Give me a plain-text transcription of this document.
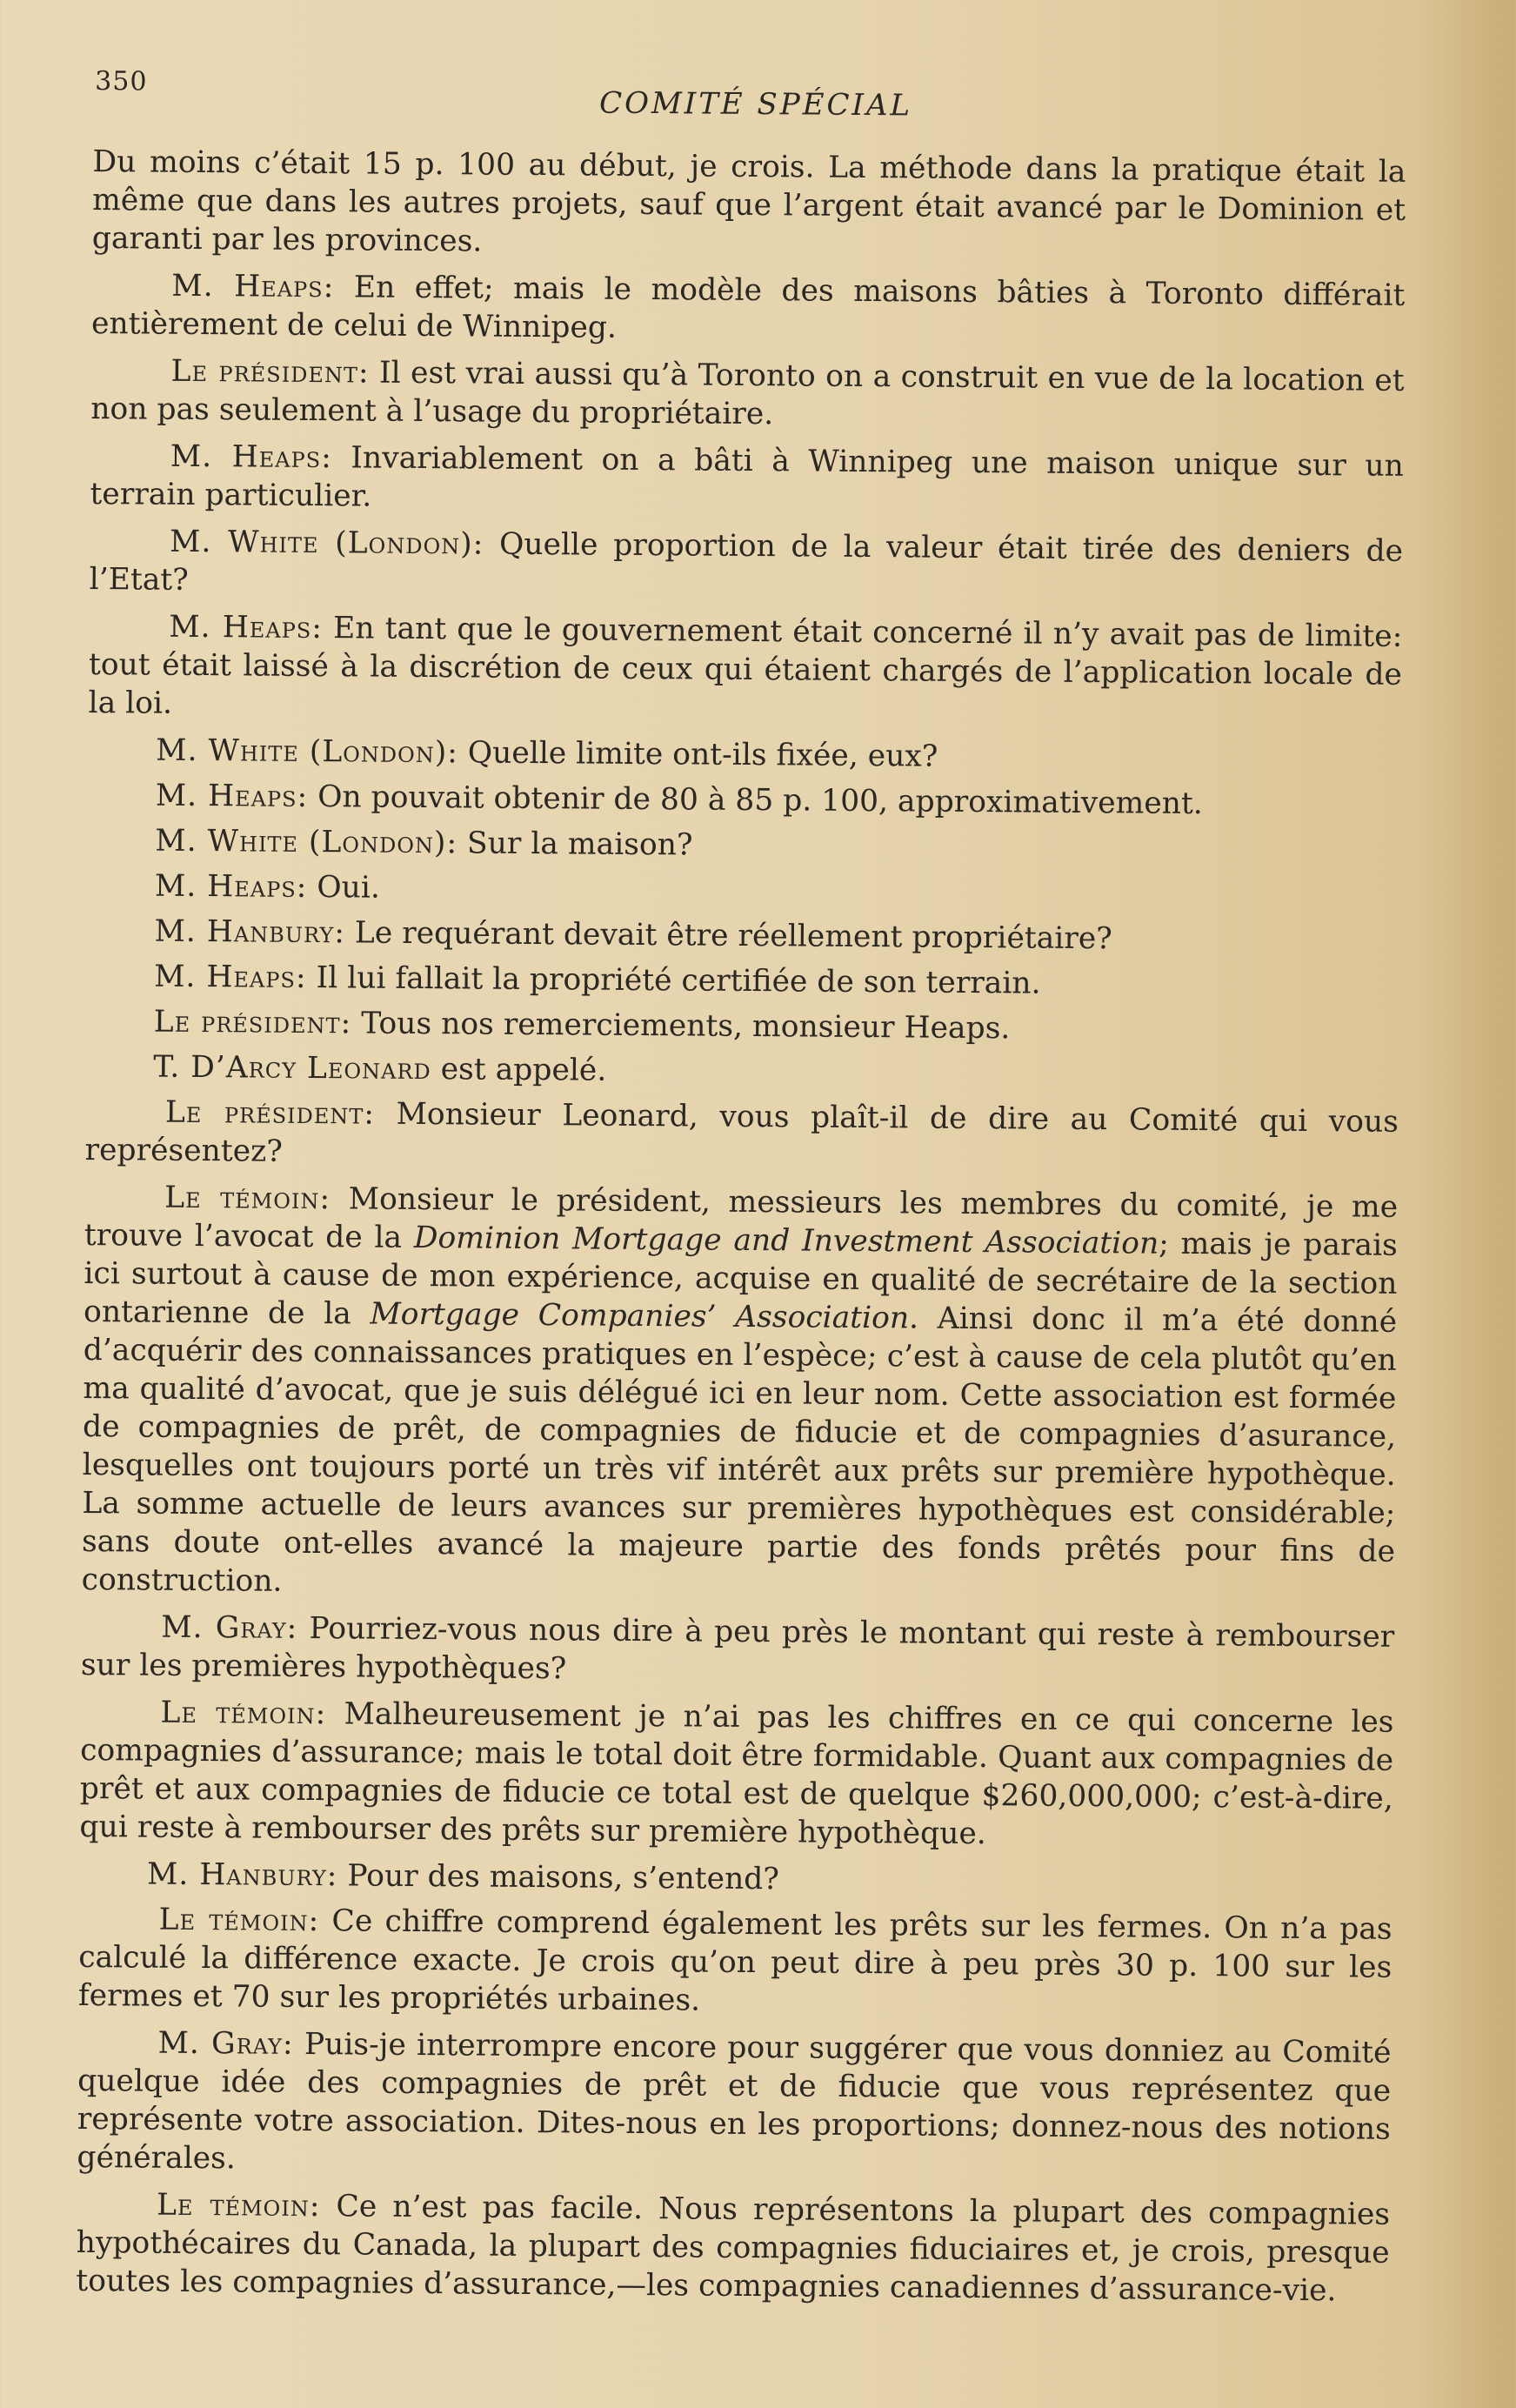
350
COMITÉ SPÉCIAL

Du moins c’était 15 p. 100 au début, je crois. La méthode dans la pratique était la même que dans les autres projets, sauf que l’argent était avancé par le Dominion et garanti par les provinces.

M. Heaps: En effet; mais le modèle des maisons bâties à Toronto différait entièrement de celui de Winnipeg.

Le président: Il est vrai aussi qu’à Toronto on a construit en vue de la location et non pas seulement à l’usage du propriétaire.

M. Heaps: Invariablement on a bâti à Winnipeg une maison unique sur un terrain particulier.

M. White (London): Quelle proportion de la valeur était tirée des deniers de l’Etat?

M. Heaps: En tant que le gouvernement était concerné il n’y avait pas de limite: tout était laissé à la discrétion de ceux qui étaient chargés de l’application locale de la loi.

M. White (London): Quelle limite ont-ils fixée, eux?

M. Heaps: On pouvait obtenir de 80 à 85 p. 100, approximativement.

M. White (London): Sur la maison?

M. Heaps: Oui.

M. Hanbury: Le requérant devait être réellement propriétaire?

M. Heaps: Il lui fallait la propriété certifiée de son terrain.

Le président: Tous nos remerciements, monsieur Heaps.

T. D’Arcy Leonard est appelé.

Le président: Monsieur Leonard, vous plaît-il de dire au Comité qui vous représentez?

Le témoin: Monsieur le président, messieurs les membres du comité, je me trouve l’avocat de la Dominion Mortgage and Investment Association; mais je parais ici surtout à cause de mon expérience, acquise en qualité de secrétaire de la section ontarienne de la Mortgage Companies’ Association. Ainsi donc il m’a été donné d’acquérir des connaissances pratiques en l’espèce; c’est à cause de cela plutôt qu’en ma qualité d’avocat, que je suis délégué ici en leur nom. Cette association est formée de compagnies de prêt, de compagnies de fiducie et de compagnies d’asurance, lesquelles ont toujours porté un très vif intérêt aux prêts sur première hypothèque. La somme actuelle de leurs avances sur premières hypothèques est considérable; sans doute ont-elles avancé la majeure partie des fonds prêtés pour fins de construction.

M. Gray: Pourriez-vous nous dire à peu près le montant qui reste à rembourser sur les premières hypothèques?

Le témoin: Malheureusement je n’ai pas les chiffres en ce qui concerne les compagnies d’assurance; mais le total doit être formidable. Quant aux compagnies de prêt et aux compagnies de fiducie ce total est de quelque $260,000,000; c’est-à-dire, qui reste à rembourser des prêts sur première hypothèque.

M. Hanbury: Pour des maisons, s’entend?

Le témoin: Ce chiffre comprend également les prêts sur les fermes. On n’a pas calculé la différence exacte. Je crois qu’on peut dire à peu près 30 p. 100 sur les fermes et 70 sur les propriétés urbaines.

M. Gray: Puis-je interrompre encore pour suggérer que vous donniez au Comité quelque idée des compagnies de prêt et de fiducie que vous représentez que représente votre association. Dites-nous en les proportions; donnez-nous des notions générales.

Le témoin: Ce n’est pas facile. Nous représentons la plupart des compagnies hypothécaires du Canada, la plupart des compagnies fiduciaires et, je crois, presque toutes les compagnies d’assurance,—les compagnies canadiennes d’assurance-vie.
